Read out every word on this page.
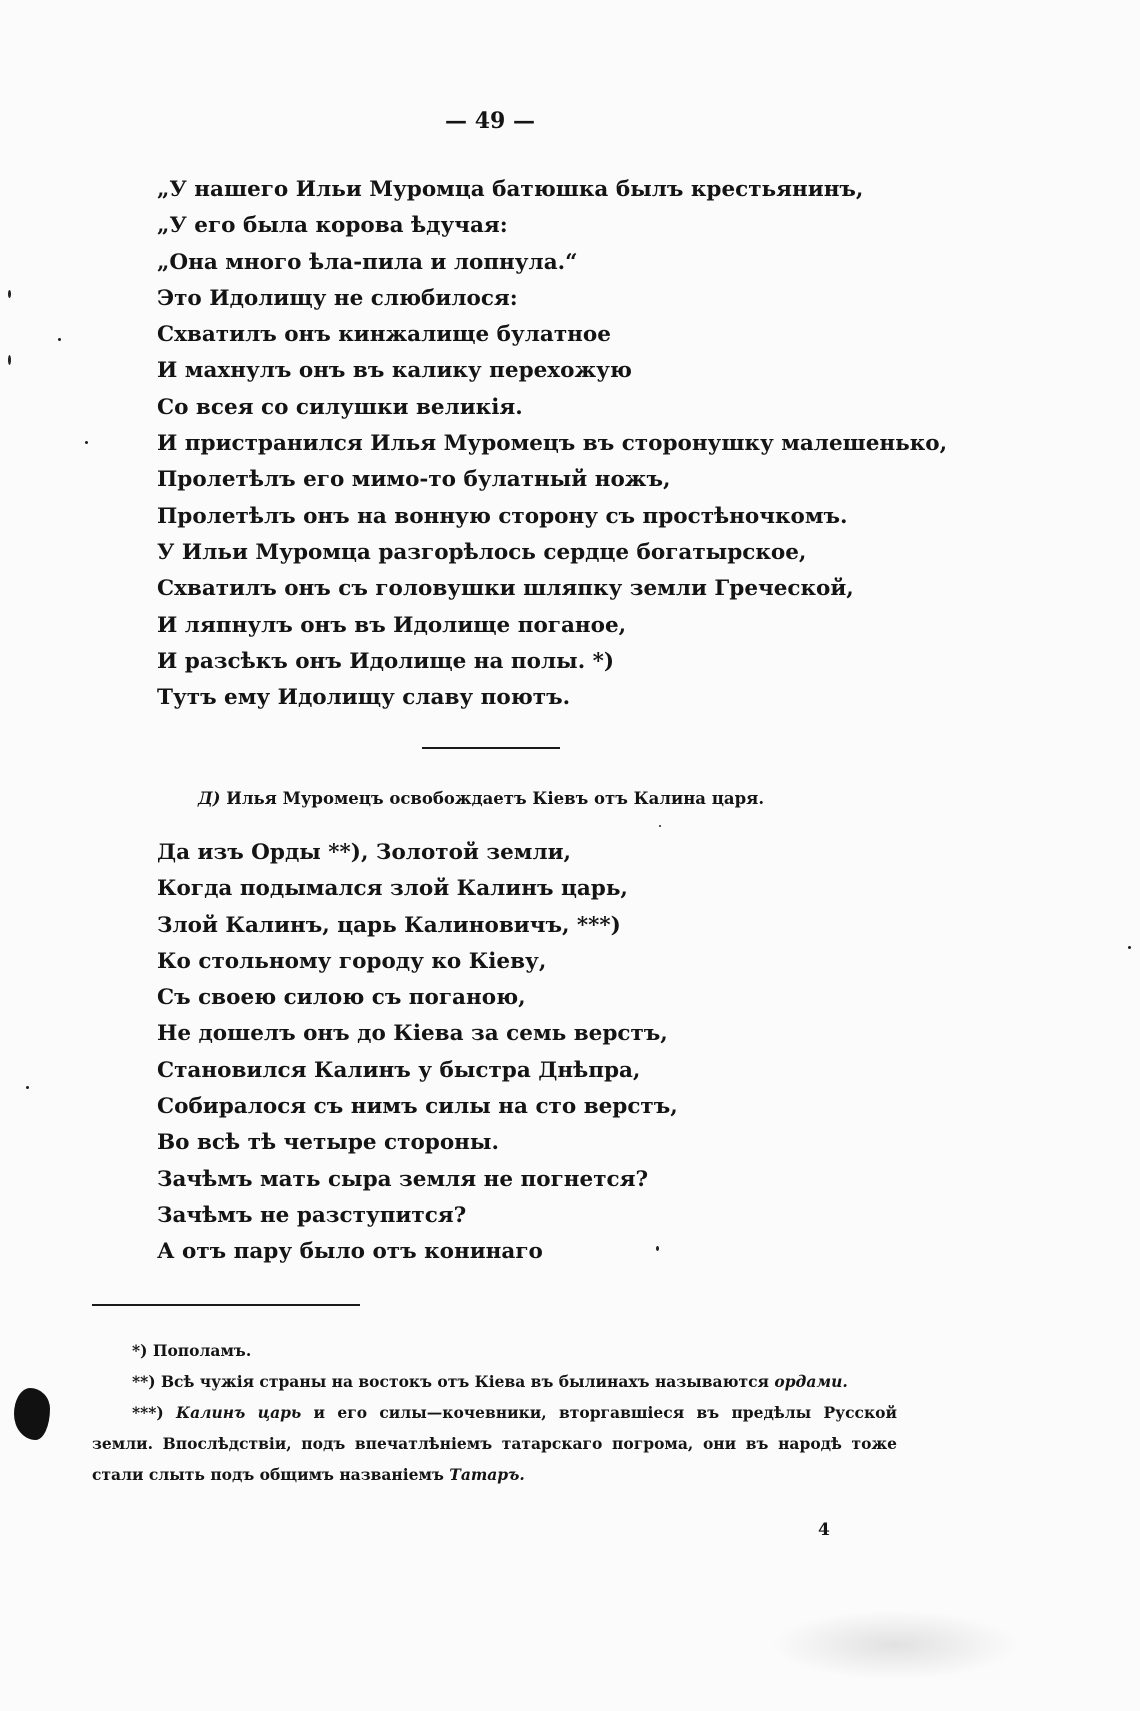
— 49 —
„У нашего Ильи Муромца батюшка былъ крестьянинъ,
„У его была корова ѣдучая:
„Она много ѣла-пила и лопнула.“
Это Идолищу не слюбилося:
Схватилъ онъ кинжалище булатное
И махнулъ онъ въ калику переxожую
Со всея со силушки великія.
И пристранился Илья Муромецъ въ сторонушку малешенько,
Пролетѣлъ его мимо-то булатный ножъ,
Пролетѣлъ онъ на вонную сторону съ простѣночкомъ.
У Ильи Муромца разгорѣлось сердце богатырское,
Схватилъ онъ съ головушки шляпку земли Греческой,
И ляпнулъ онъ въ Идолище поганое,
И разсѣкъ онъ Идолище на полы. *)
Тутъ ему Идолищу славу поютъ.
Д) Илья Муромецъ освобождаетъ Кіевъ отъ Калина царя.
Да изъ Орды **), Золотой земли,
Когда подымался злой Калинъ царь,
Злой Калинъ, царь Калиновичъ, ***)
Ко стольному городу ко Кіеву,
Съ своею силою съ поганою,
Не дошелъ онъ до Кіева за семь верстъ,
Становился Калинъ у быстра Днѣпра,
Собиралося съ нимъ силы на сто верстъ,
Во всѣ тѣ четыре стороны.
Зачѣмъ мать сыра земля не погнется?
Зачѣмъ не разступится?
А отъ пару было отъ конинаго

*) Пополамъ.

**) Всѣ чужія страны на востокъ отъ Кіева въ былинахъ называются ордами.

***) Калинъ царь и его силы—кочевники, вторгавшіеся въ предѣлы Русской земли. Впослѣдствіи, подъ впечатлѣніемъ татарскаго погрома, они въ народѣ тоже стали слыть подъ общимъ названіемъ Татаръ.

4
